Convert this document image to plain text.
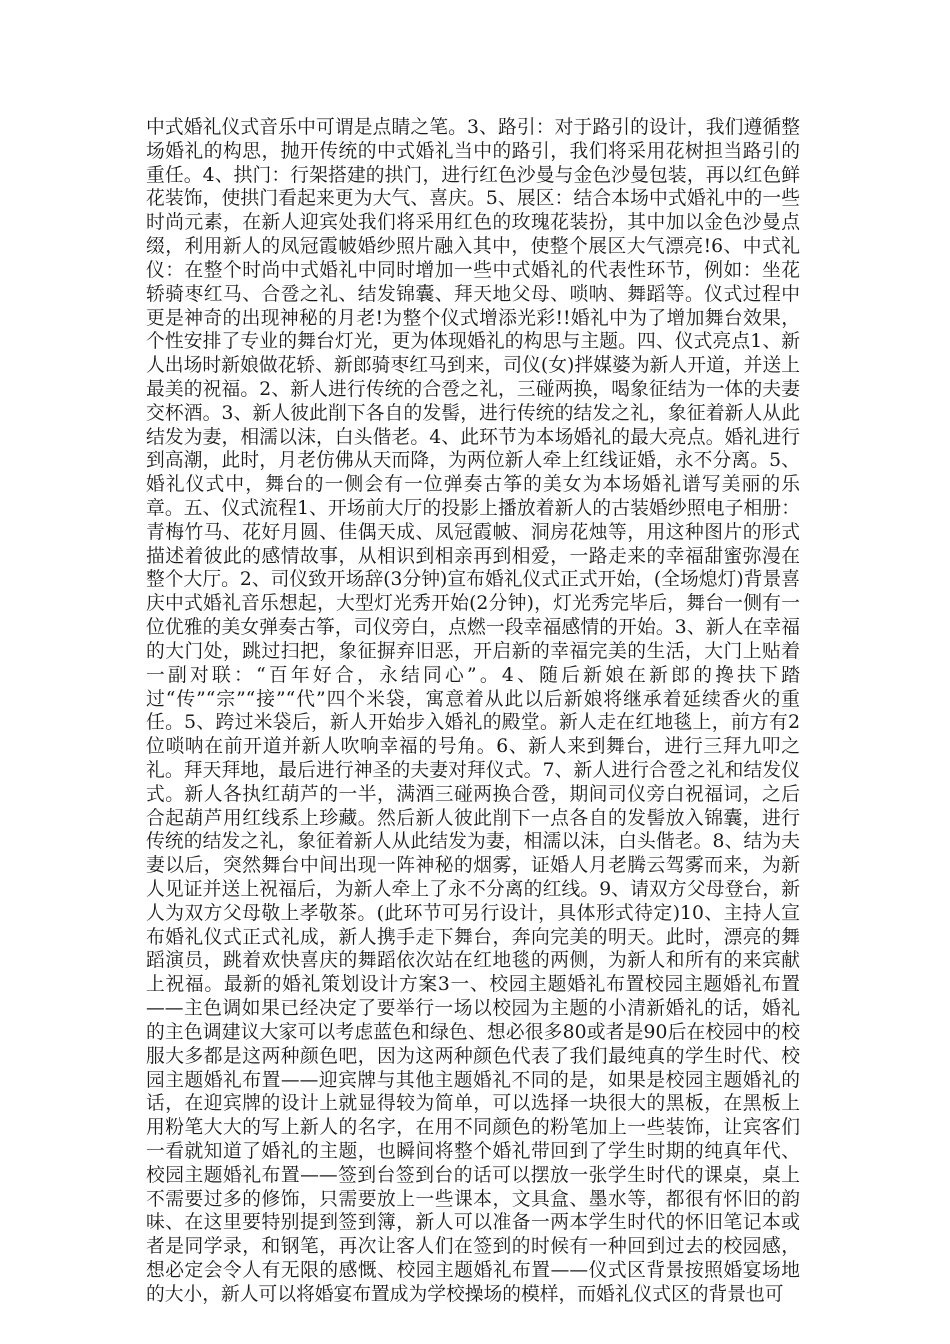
中式婚礼仪式音乐中可谓是点睛之笔。3、路引：对于路引的设计，我们遵循整场婚礼的构思，抛开传统的中式婚礼当中的路引，我们将采用花树担当路引的重任。4、拱门：行架搭建的拱门，进行红色沙曼与金色沙曼包装，再以红色鲜花装饰，使拱门看起来更为大气、喜庆。5、展区：结合本场中式婚礼中的一些时尚元素，在新人迎宾处我们将采用红色的玫瑰花装扮，其中加以金色沙曼点缀，利用新人的凤冠霞帔婚纱照片融入其中，使整个展区大气漂亮!6、中式礼仪：在整个时尚中式婚礼中同时增加一些中式婚礼的代表性环节，例如：坐花轿骑枣红马、合卺之礼、结发锦囊、拜天地父母、唢呐、舞蹈等。仪式过程中更是神奇的出现神秘的月老!为整个仪式增添光彩!!婚礼中为了增加舞台效果，个性安排了专业的舞台灯光，更为体现婚礼的构思与主题。四、仪式亮点1、新人出场时新娘做花轿、新郎骑枣红马到来，司仪(女)拌媒婆为新人开道，并送上最美的祝福。2、新人进行传统的合卺之礼，三碰两换，喝象征结为一体的夫妻交杯酒。3、新人彼此削下各自的发髻，进行传统的结发之礼，象征着新人从此结发为妻，相濡以沫，白头偕老。4、此环节为本场婚礼的最大亮点。婚礼进行到高潮，此时，月老仿佛从天而降，为两位新人牵上红线证婚，永不分离。5、婚礼仪式中，舞台的一侧会有一位弹奏古筝的美女为本场婚礼谱写美丽的乐章。五、仪式流程1、开场前大厅的投影上播放着新人的古装婚纱照电子相册：青梅竹马、花好月圆、佳偶天成、凤冠霞帔、洞房花烛等，用这种图片的形式描述着彼此的感情故事，从相识到相亲再到相爱，一路走来的幸福甜蜜弥漫在整个大厅。2、司仪致开场辞(3分钟)宣布婚礼仪式正式开始，(全场熄灯)背景喜庆中式婚礼音乐想起，大型灯光秀开始(2分钟)，灯光秀完毕后，舞台一侧有一位优雅的美女弹奏古筝，司仪旁白，点燃一段幸福感情的开始。3、新人在幸福的大门处，跳过扫把，象征摒弃旧恶，开启新的幸福完美的生活，大门上贴着一副对联：“百年好合，永结同心”。4、随后新娘在新郎的搀扶下踏过“传”“宗”“接”“代”四个米袋，寓意着从此以后新娘将继承着延续香火的重任。5、跨过米袋后，新人开始步入婚礼的殿堂。新人走在红地毯上，前方有2位唢呐在前开道并新人吹响幸福的号角。6、新人来到舞台，进行三拜九叩之礼。拜天拜地，最后进行神圣的夫妻对拜仪式。7、新人进行合卺之礼和结发仪式。新人各执红葫芦的一半，满酒三碰两换合卺，期间司仪旁白祝福词，之后合起葫芦用红线系上珍藏。然后新人彼此削下一点各自的发髻放入锦囊，进行传统的结发之礼，象征着新人从此结发为妻，相濡以沫，白头偕老。8、结为夫妻以后，突然舞台中间出现一阵神秘的烟雾，证婚人月老腾云驾雾而来，为新人见证并送上祝福后，为新人牵上了永不分离的红线。9、请双方父母登台，新人为双方父母敬上孝敬茶。(此环节可另行设计，具体形式待定)10、主持人宣布婚礼仪式正式礼成，新人携手走下舞台，奔向完美的明天。此时，漂亮的舞蹈演员，跳着欢快喜庆的舞蹈依次站在红地毯的两侧，为新人和所有的来宾献上祝福。最新的婚礼策划设计方案3一、校园主题婚礼布置校园主题婚礼布置——主色调如果已经决定了要举行一场以校园为主题的小清新婚礼的话，婚礼的主色调建议大家可以考虑蓝色和绿色、想必很多80或者是90后在校园中的校服大多都是这两种颜色吧，因为这两种颜色代表了我们最纯真的学生时代、校园主题婚礼布置——迎宾牌与其他主题婚礼不同的是，如果是校园主题婚礼的话，在迎宾牌的设计上就显得较为简单，可以选择一块很大的黑板，在黑板上用粉笔大大的写上新人的名字，在用不同颜色的粉笔加上一些装饰，让宾客们一看就知道了婚礼的主题，也瞬间将整个婚礼带回到了学生时期的纯真年代、校园主题婚礼布置——签到台签到台的话可以摆放一张学生时代的课桌，桌上不需要过多的修饰，只需要放上一些课本，文具盒、墨水等，都很有怀旧的韵味、在这里要特别提到签到簿，新人可以准备一两本学生时代的怀旧笔记本或者是同学录，和钢笔，再次让客人们在签到的时候有一种回到过去的校园感，想必定会令人有无限的感慨、校园主题婚礼布置——仪式区背景按照婚宴场地的大小，新人可以将婚宴布置成为学校操场的模样，而婚礼仪式区的背景也可
